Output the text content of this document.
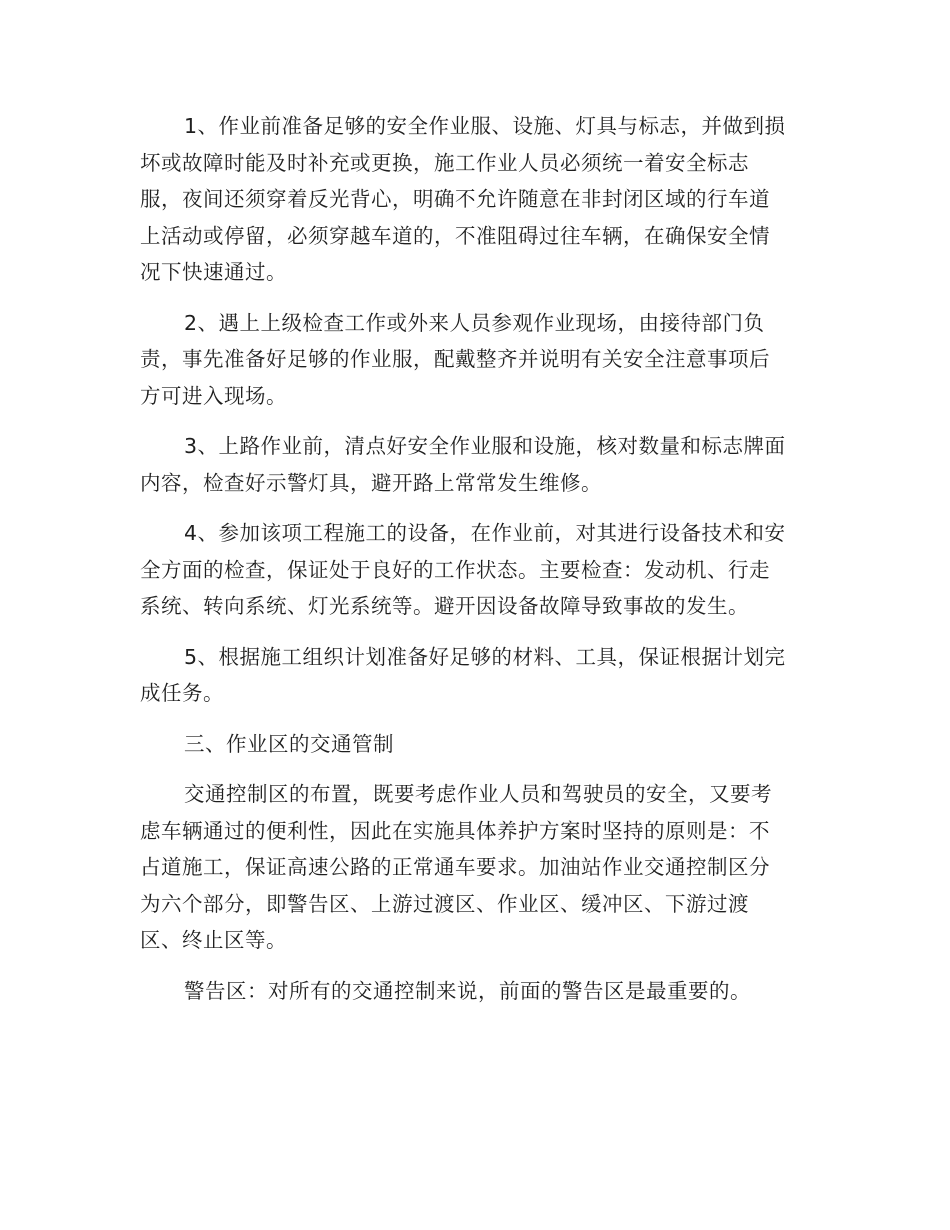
1、作业前准备足够的安全作业服、设施、灯具与标志，并做到损
坏或故障时能及时补充或更换，施工作业人员必须统一着安全标志
服，夜间还须穿着反光背心，明确不允许随意在非封闭区域的行车道
上活动或停留，必须穿越车道的，不准阻碍过往车辆，在确保安全情
况下快速通过。
2、遇上上级检查工作或外来人员参观作业现场，由接待部门负
责，事先准备好足够的作业服，配戴整齐并说明有关安全注意事项后
方可进入现场。
3、上路作业前，清点好安全作业服和设施，核对数量和标志牌面
内容，检查好示警灯具，避开路上常常发生维修。
4、参加该项工程施工的设备，在作业前，对其进行设备技术和安
全方面的检查，保证处于良好的工作状态。主要检查：发动机、行走
系统、转向系统、灯光系统等。避开因设备故障导致事故的发生。
5、根据施工组织计划准备好足够的材料、工具，保证根据计划完
成任务。
三、作业区的交通管制
交通控制区的布置，既要考虑作业人员和驾驶员的安全，又要考
虑车辆通过的便利性，因此在实施具体养护方案时坚持的原则是：不
占道施工，保证高速公路的正常通车要求。加油站作业交通控制区分
为六个部分，即警告区、上游过渡区、作业区、缓冲区、下游过渡
区、终止区等。
警告区：对所有的交通控制来说，前面的警告区是最重要的。
